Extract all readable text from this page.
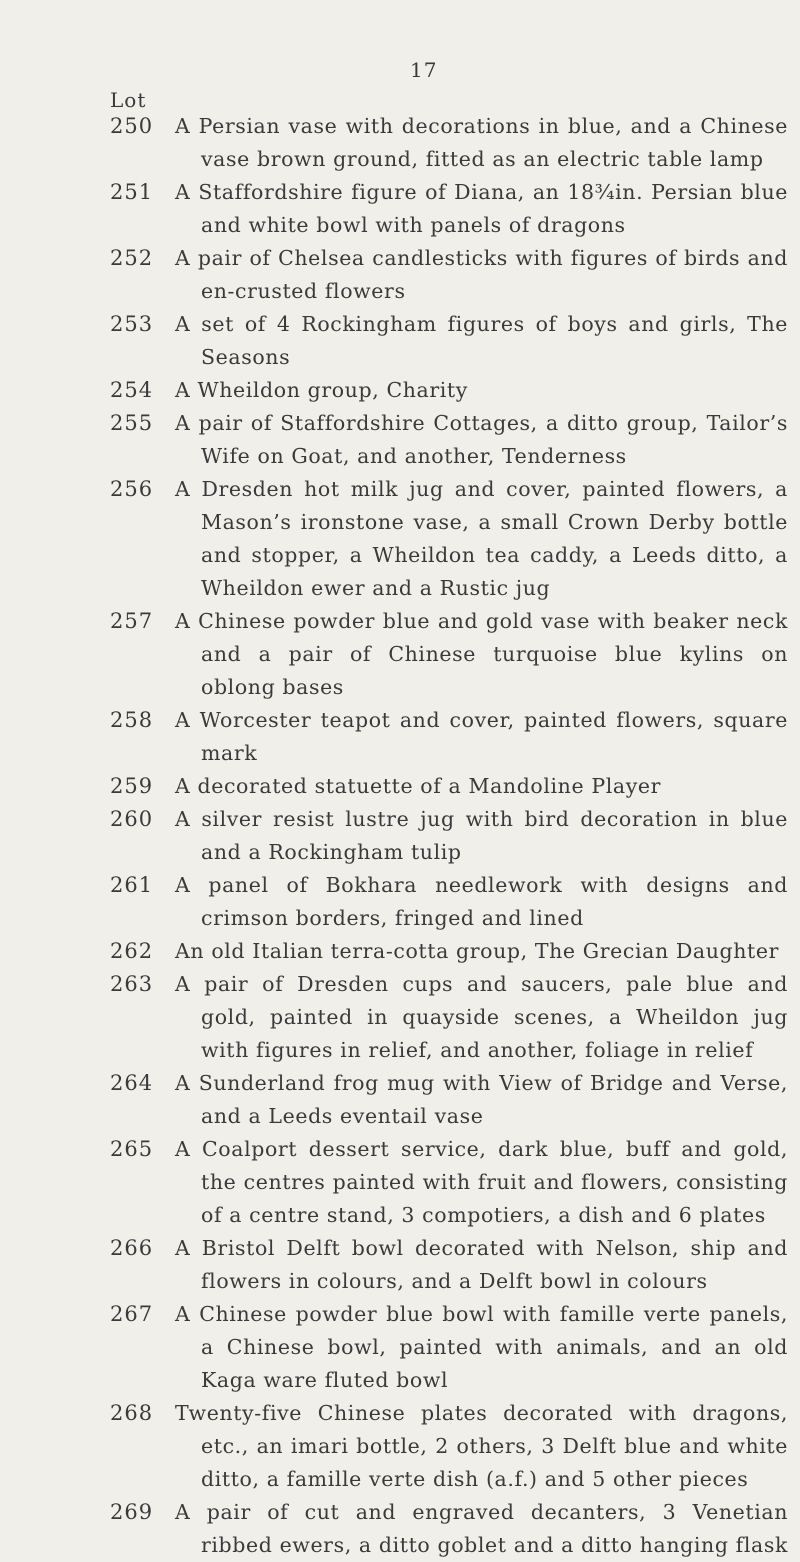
17
Lot
250	A Persian vase with decorations in blue, and a Chinese vase brown ground, fitted as an electric table lamp
251	A Staffordshire figure of Diana, an 18¾in. Persian blue and white bowl with panels of dragons
252	A pair of Chelsea candlesticks with figures of birds and en-crusted flowers
253	A set of 4 Rockingham figures of boys and girls, The Seasons
254	A Wheildon group, Charity
255	A pair of Staffordshire Cottages, a ditto group, Tailor’s Wife on Goat, and another, Tenderness
256	A Dresden hot milk jug and cover, painted flowers, a Mason’s ironstone vase, a small Crown Derby bottle and stopper, a Wheildon tea caddy, a Leeds ditto, a Wheildon ewer and a Rustic jug
257	A Chinese powder blue and gold vase with beaker neck and a pair of Chinese turquoise blue kylins on oblong bases
258	A Worcester teapot and cover, painted flowers, square mark
259	A decorated statuette of a Mandoline Player
260	A silver resist lustre jug with bird decoration in blue and a Rockingham tulip
261	A panel of Bokhara needlework with designs and crimson borders, fringed and lined
262	An old Italian terra-cotta group, The Grecian Daughter
263	A pair of Dresden cups and saucers, pale blue and gold, painted in quayside scenes, a Wheildon jug with figures in relief, and another, foliage in relief
264	A Sunderland frog mug with View of Bridge and Verse, and a Leeds eventail vase
265	A Coalport dessert service, dark blue, buff and gold, the centres painted with fruit and flowers, consisting of a centre stand, 3 compotiers, a dish and 6 plates
266	A Bristol Delft bowl decorated with Nelson, ship and flowers in colours, and a Delft bowl in colours
267	A Chinese powder blue bowl with famille verte panels, a Chinese bowl, painted with animals, and an old Kaga ware fluted bowl
268	Twenty-five Chinese plates decorated with dragons, etc., an imari bottle, 2 others, 3 Delft blue and white ditto, a famille verte dish (a.f.) and 5 other pieces
269	A pair of cut and engraved decanters, 3 Venetian ribbed ewers, a ditto goblet and a ditto hanging flask
